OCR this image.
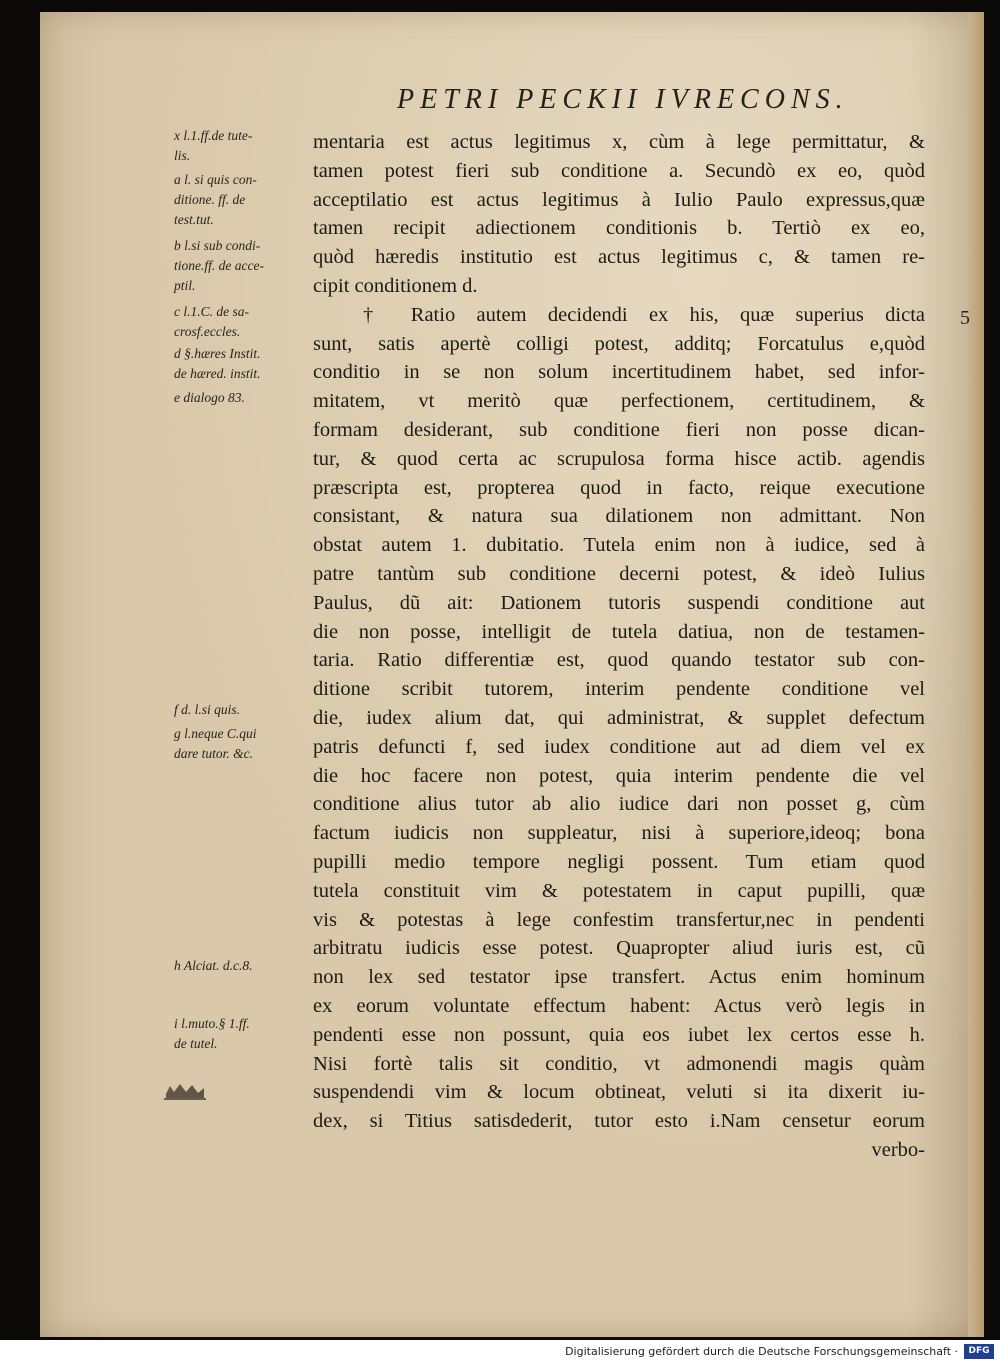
PETRI PECKII IVRECONS.
x l.1.ff.de tute-
lis.
a l. si quis con-
ditione. ff. de
test.tut.
b l.si sub condi-
tione.ff. de acce-
ptil.
c l.1.C. de sa-
crosf.eccles.
d §.hæres Instit.
de hæred. instit.
e dialogo 83.
f d. l.si quis.
g l.neque C.qui
dare tutor. &c.
h Alciat. d.c.8.
i l.muto.§ 1.ff.
de tutel.
mentaria est actus legitimus x, cùm à lege permittatur, &
tamen potest fieri sub conditione a. Secundò ex eo, quòd
acceptilatio est actus legitimus à Iulio Paulo expressus,quæ
tamen recipit adiectionem conditionis b. Tertiò ex eo,
quòd hæredis institutio est actus legitimus c, & tamen re-
cipit conditionem d.
† Ratio autem decidendi ex his, quæ superius dicta
sunt, satis apertè colligi potest, additq; Forcatulus e,quòd
conditio in se non solum incertitudinem habet, sed infor-
mitatem, vt meritò quæ perfectionem, certitudinem, &
formam desiderant, sub conditione fieri non posse dican-
tur, & quod certa ac scrupulosa forma hisce actib. agendis
præscripta est, propterea quod in facto, reique executione
consistant, & natura sua dilationem non admittant. Non
obstat autem 1. dubitatio. Tutela enim non à iudice, sed à
patre tantùm sub conditione decerni potest, & ideò Iulius
Paulus, dũ ait: Dationem tutoris suspendi conditione aut
die non posse, intelligit de tutela datiua, non de testamen-
taria. Ratio differentiæ est, quod quando testator sub con-
ditione scribit tutorem, interim pendente conditione vel
die, iudex alium dat, qui administrat, & supplet defectum
patris defuncti f, sed iudex conditione aut ad diem vel ex
die hoc facere non potest, quia interim pendente die vel
conditione alius tutor ab alio iudice dari non posset g, cùm
factum iudicis non suppleatur, nisi à superiore,ideoq; bona
pupilli medio tempore negligi possent. Tum etiam quod
tutela constituit vim & potestatem in caput pupilli, quæ
vis & potestas à lege confestim transfertur,nec in pendenti
arbitratu iudicis esse potest. Quapropter aliud iuris est, cũ
non lex sed testator ipse transfert. Actus enim hominum
ex eorum voluntate effectum habent: Actus verò legis in
pendenti esse non possunt, quia eos iubet lex certos esse h.
Nisi fortè talis sit conditio, vt admonendi magis quàm
suspendendi vim & locum obtineat, veluti si ita dixerit iu-
dex, si Titius satisdederit, tutor esto i.Nam censetur eorum
verbo-
5
Digitalisierung gefördert durch die Deutsche Forschungsgemeinschaft ·	DFG
